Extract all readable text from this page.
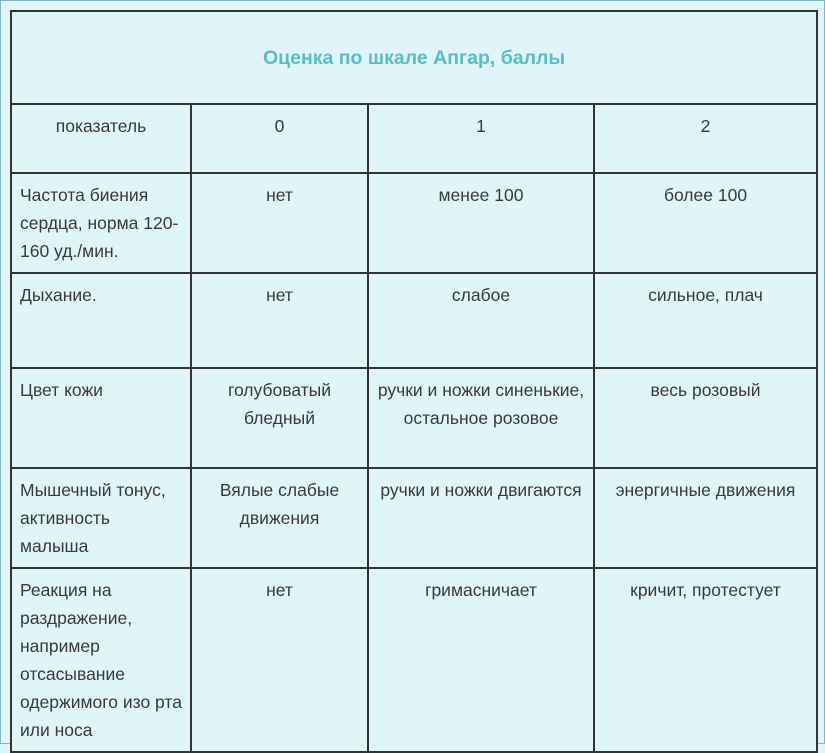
Оценка по шкале Апгар, баллы			
показатель	0	1	2
Частота биения сердца, норма 120-160 уд./мин.	нет	менее 100	более 100
Дыхание.	нет	слабое	сильное, плач
Цвет кожи	голубоватый бледный	ручки и ножки синенькие, остальное розовое	весь розовый
Мышечный тонус, активность малыша	Вялые слабые движения	ручки и ножки двигаются	энергичные движения
Реакция на раздражение, например отсасывание одержимого изо рта или носа	нет	гримасничает	кричит, протестует
